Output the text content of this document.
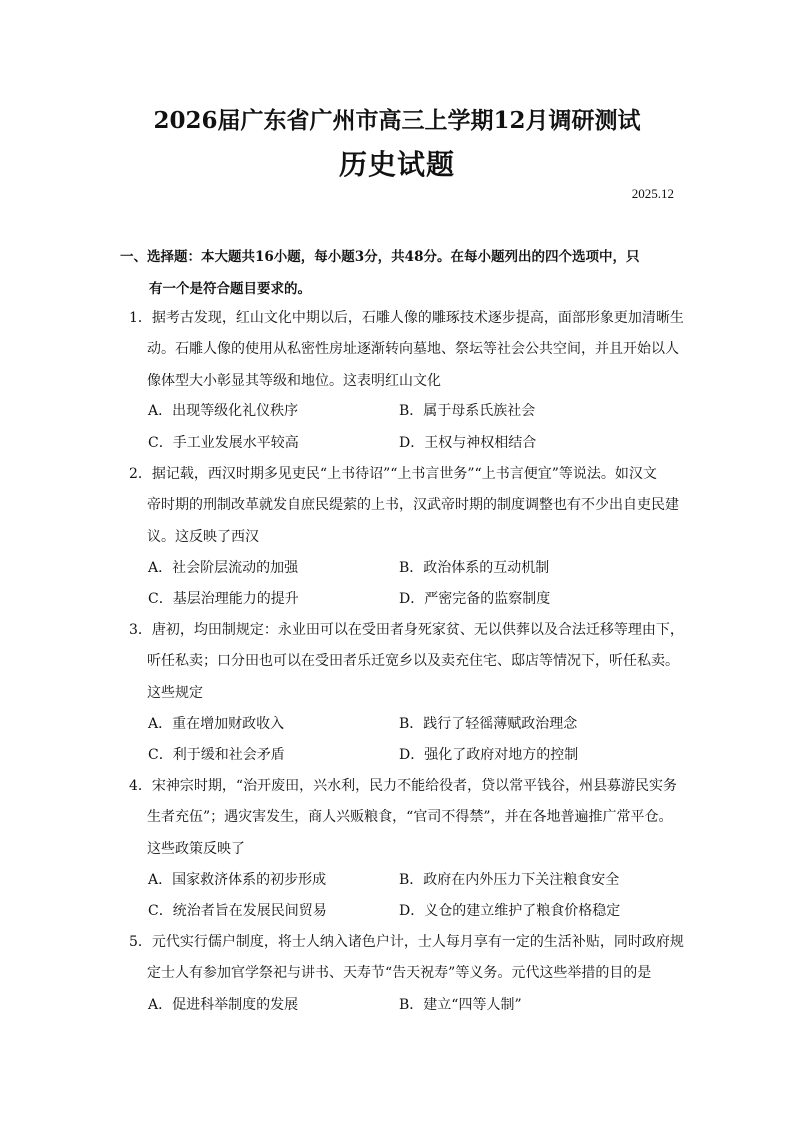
2026届广东省广州市高三上学期12月调研测试
历史试题
2025.12
一、选择题：本大题共16小题，每小题3分，共48分。在每小题列出的四个选项中，只
有一个是符合题目要求的。
1．据考古发现，红山文化中期以后，石雕人像的雕琢技术逐步提高，面部形象更加清晰生
动。石雕人像的使用从私密性房址逐渐转向墓地、祭坛等社会公共空间，并且开始以人
像体型大小彰显其等级和地位。这表明红山文化
A．出现等级化礼仪秩序	B．属于母系氏族社会
C．手工业发展水平较高	D．王权与神权相结合
2．据记载，西汉时期多见吏民“上书待诏”“上书言世务”“上书言便宜”等说法。如汉文
帝时期的刑制改革就发自庶民缇萦的上书，汉武帝时期的制度调整也有不少出自吏民建
议。这反映了西汉
A．社会阶层流动的加强	B．政治体系的互动机制
C．基层治理能力的提升	D．严密完备的监察制度
3．唐初，均田制规定：永业田可以在受田者身死家贫、无以供葬以及合法迁移等理由下，
听任私卖；口分田也可以在受田者乐迁宽乡以及卖充住宅、邸店等情况下，听任私卖。
这些规定
A．重在增加财政收入	B．践行了轻徭薄赋政治理念
C．利于缓和社会矛盾	D．强化了政府对地方的控制
4．宋神宗时期，“治开废田，兴水利，民力不能给役者，贷以常平钱谷，州县募游民实务
生者充伍”；遇灾害发生，商人兴贩粮食，“官司不得禁”，并在各地普遍推广常平仓。
这些政策反映了
A．国家救济体系的初步形成	B．政府在内外压力下关注粮食安全
C．统治者旨在发展民间贸易	D．义仓的建立维护了粮食价格稳定
5．元代实行儒户制度，将士人纳入诸色户计，士人每月享有一定的生活补贴，同时政府规
定士人有参加官学祭祀与讲书、天寿节“告天祝寿”等义务。元代这些举措的目的是
A．促进科举制度的发展	B．建立“四等人制”
